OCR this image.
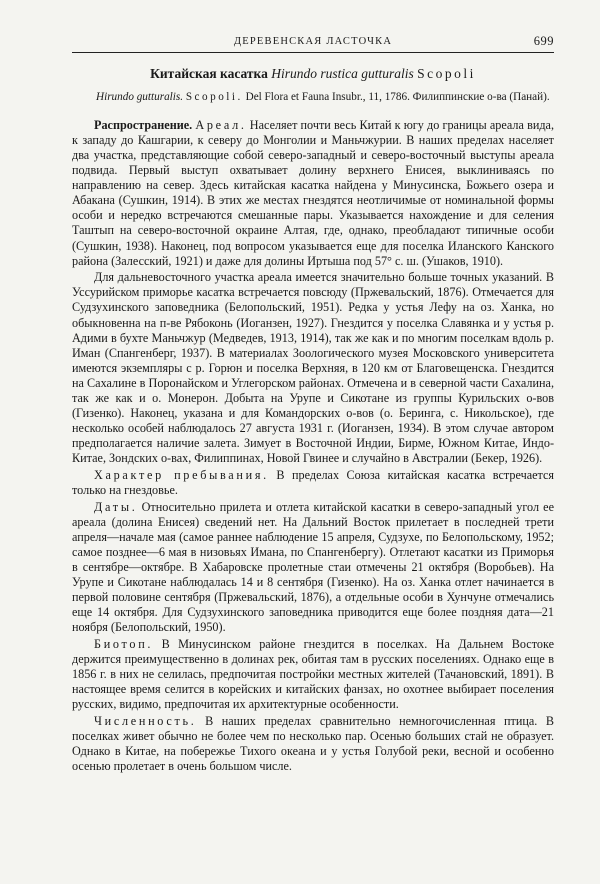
ДЕРЕВЕНСКАЯ ЛАСТОЧКА	699
Китайская касатка Hirundo rustica gutturalis Scopoli

Hirundo gutturalis. Scopoli. Del Flora et Fauna Insubr., 11, 1786. Филиппинские о-ва (Панай).

Распространение. Ареал. Населяет почти весь Китай к югу до границы ареала вида, к западу до Кашгарии, к северу до Монголии и Маньчжурии. В наших пределах населяет два участка, представляющие собой северо-западный и северо-восточный выступы ареала подвида. Первый выступ охватывает долину верхнего Енисея, выклиниваясь по направлению на север. Здесь китайская касатка найдена у Минусинска, Божьего озера и Абакана (Сушкин, 1914). В этих же местах гнездятся неотличимые от номинальной формы особи и нередко встречаются смешанные пары. Указывается нахождение и для селения Таштып на северо-восточной окраине Алтая, где, однако, преобладают типичные особи (Сушкин, 1938). Наконец, под вопросом указывается еще для поселка Иланского Канского района (Залесский, 1921) и даже для долины Иртыша под 57° с. ш. (Ушаков, 1910).

Для дальневосточного участка ареала имеется значительно больше точных указаний. В Уссурийском приморье касатка встречается повсюду (Пржевальский, 1876). Отмечается для Судзухинского заповедника (Белопольский, 1951). Редка у устья Лефу на оз. Ханка, но обыкновенна на п-ве Рябоконь (Иоганзен, 1927). Гнездится у поселка Славянка и у устья р. Адими в бухте Маньчжур (Медведев, 1913, 1914), так же как и по многим поселкам вдоль р. Иман (Спангенберг, 1937). В материалах Зоологического музея Московского университета имеются экземпляры с р. Горюн и поселка Верхняя, в 120 км от Благовещенска. Гнездится на Сахалине в Поронайском и Углегорском районах. Отмечена и в северной части Сахалина, так же как и о. Монерон. Добыта на Урупе и Сикотане из группы Курильских о-вов (Гизенко). Наконец, указана и для Командорских о-вов (о. Беринга, с. Никольское), где несколько особей наблюдалось 27 августа 1931 г. (Иоганзен, 1934). В этом случае автором предполагается наличие залета. Зимует в Восточной Индии, Бирме, Южном Китае, Индо-Китае, Зондских о-вах, Филиппинах, Новой Гвинее и случайно в Австралии (Бекер, 1926).

Характер пребывания. В пределах Союза китайская касатка встречается только на гнездовье.

Даты. Относительно прилета и отлета китайской касатки в северо-западный угол ее ареала (долина Енисея) сведений нет. На Дальний Восток прилетает в последней трети апреля—начале мая (самое раннее наблюдение 15 апреля, Судзухе, по Белопольскому, 1952; самое позднее—6 мая в низовьях Имана, по Спангенбергу). Отлетают касатки из Приморья в сентябре—октябре. В Хабаровске пролетные стаи отмечены 21 октября (Воробьев). На Урупе и Сикотане наблюдалась 14 и 8 сентября (Гизенко). На оз. Ханка отлет начинается в первой половине сентября (Пржевальский, 1876), а отдельные особи в Хунчуне отмечались еще 14 октября. Для Судзухинского заповедника приводится еще более поздняя дата—21 ноября (Белопольский, 1950).

Биотоп. В Минусинском районе гнездится в поселках. На Дальнем Востоке держится преимущественно в долинах рек, обитая там в русских поселениях. Однако еще в 1856 г. в них не селилась, предпочитая постройки местных жителей (Тачановский, 1891). В настоящее время селится в корейских и китайских фанзах, но охотнее выбирает поселения русских, видимо, предпочитая их архитектурные особенности.

Численность. В наших пределах сравнительно немногочисленная птица. В поселках живет обычно не более чем по несколько пар. Осенью больших стай не образует. Однако в Китае, на побережье Тихого океана и у устья Голубой реки, весной и особенно осенью пролетает в очень большом числе.
